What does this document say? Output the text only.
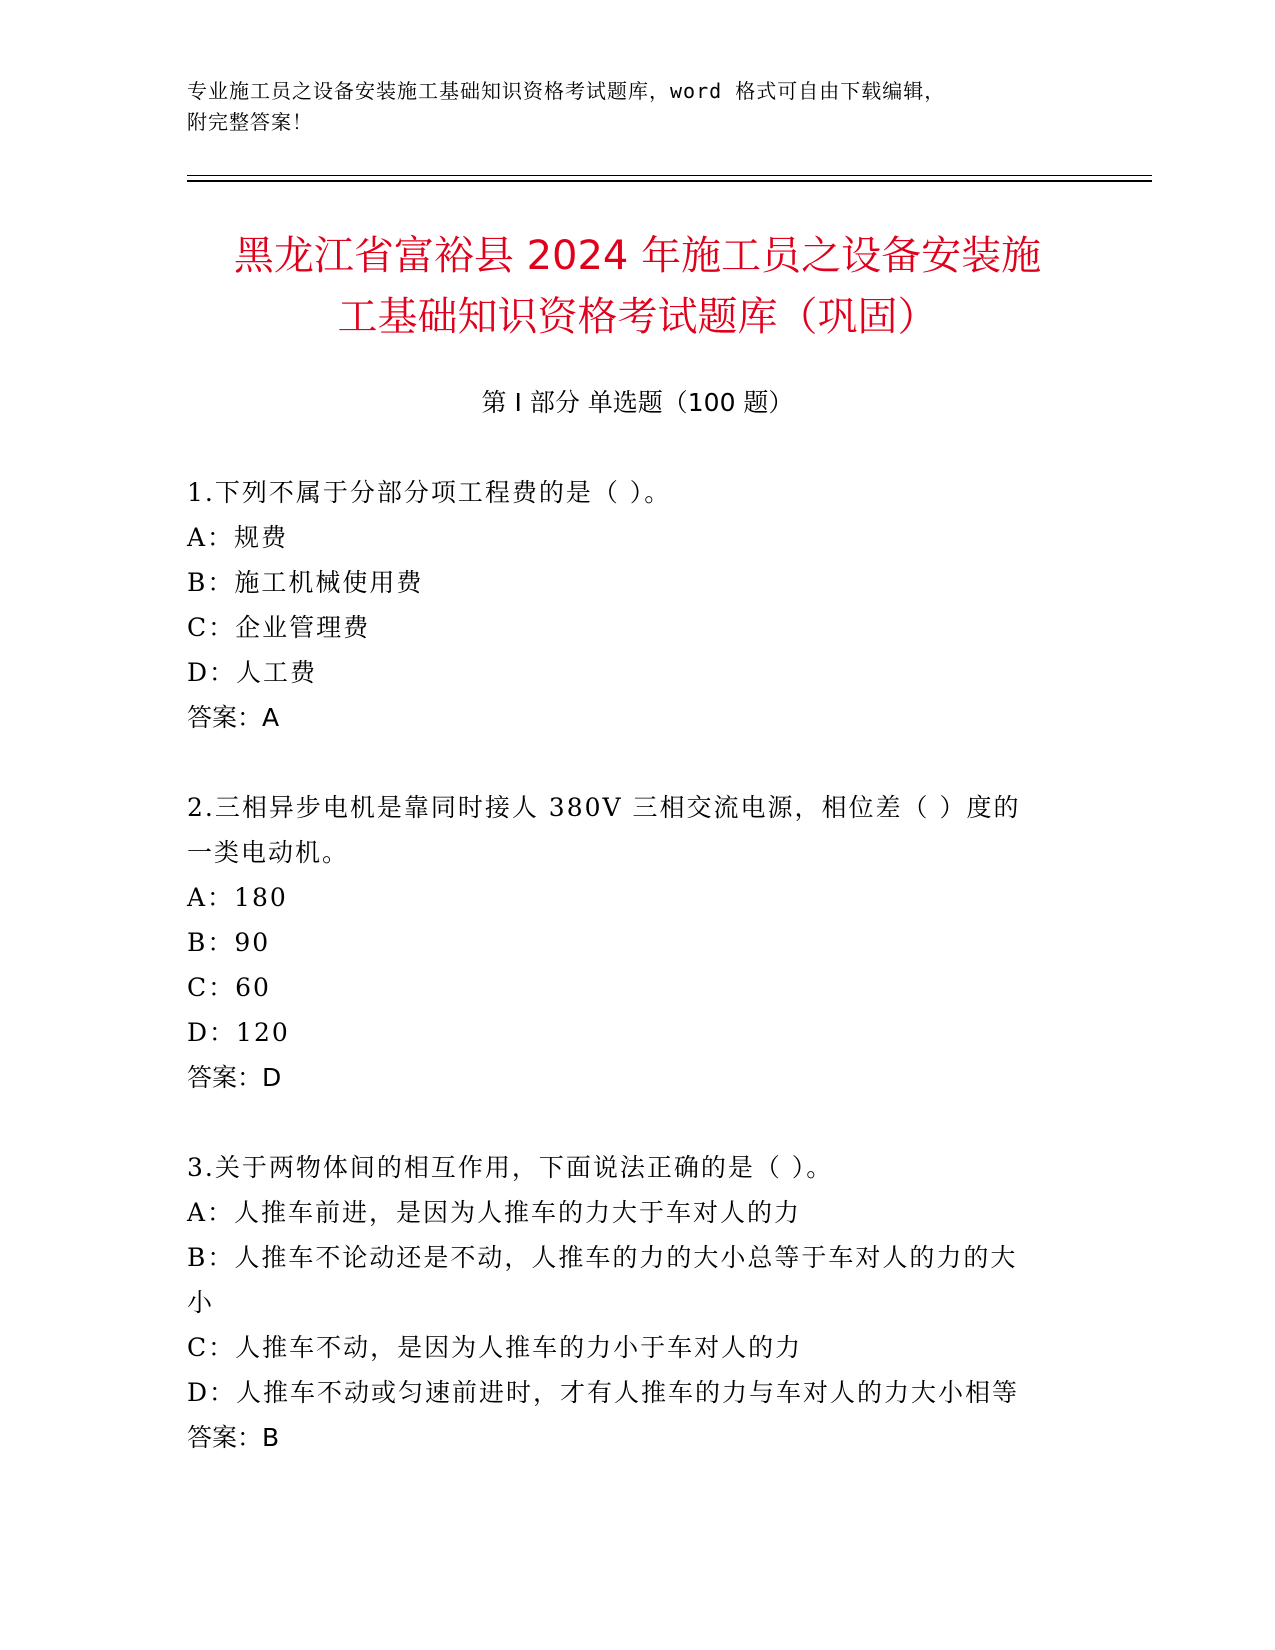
专业施工员之设备安装施工基础知识资格考试题库，word 格式可自由下载编辑，
附完整答案！
黑龙江省富裕县 2024 年施工员之设备安装施
工基础知识资格考试题库（巩固）
第 I 部分 单选题（100 题）
1.下列不属于分部分项工程费的是（ ）。
A：规费
B：施工机械使用费
C：企业管理费
D：人工费
答案：A
2.三相异步电机是靠同时接人 380V 三相交流电源，相位差（ ）度的
一类电动机。
A：180
B：90
C：60
D：120
答案：D
3.关于两物体间的相互作用，下面说法正确的是（ ）。
A：人推车前进，是因为人推车的力大于车对人的力
B：人推车不论动还是不动，人推车的力的大小总等于车对人的力的大
小
C：人推车不动，是因为人推车的力小于车对人的力
D：人推车不动或匀速前进时，才有人推车的力与车对人的力大小相等
答案：B
